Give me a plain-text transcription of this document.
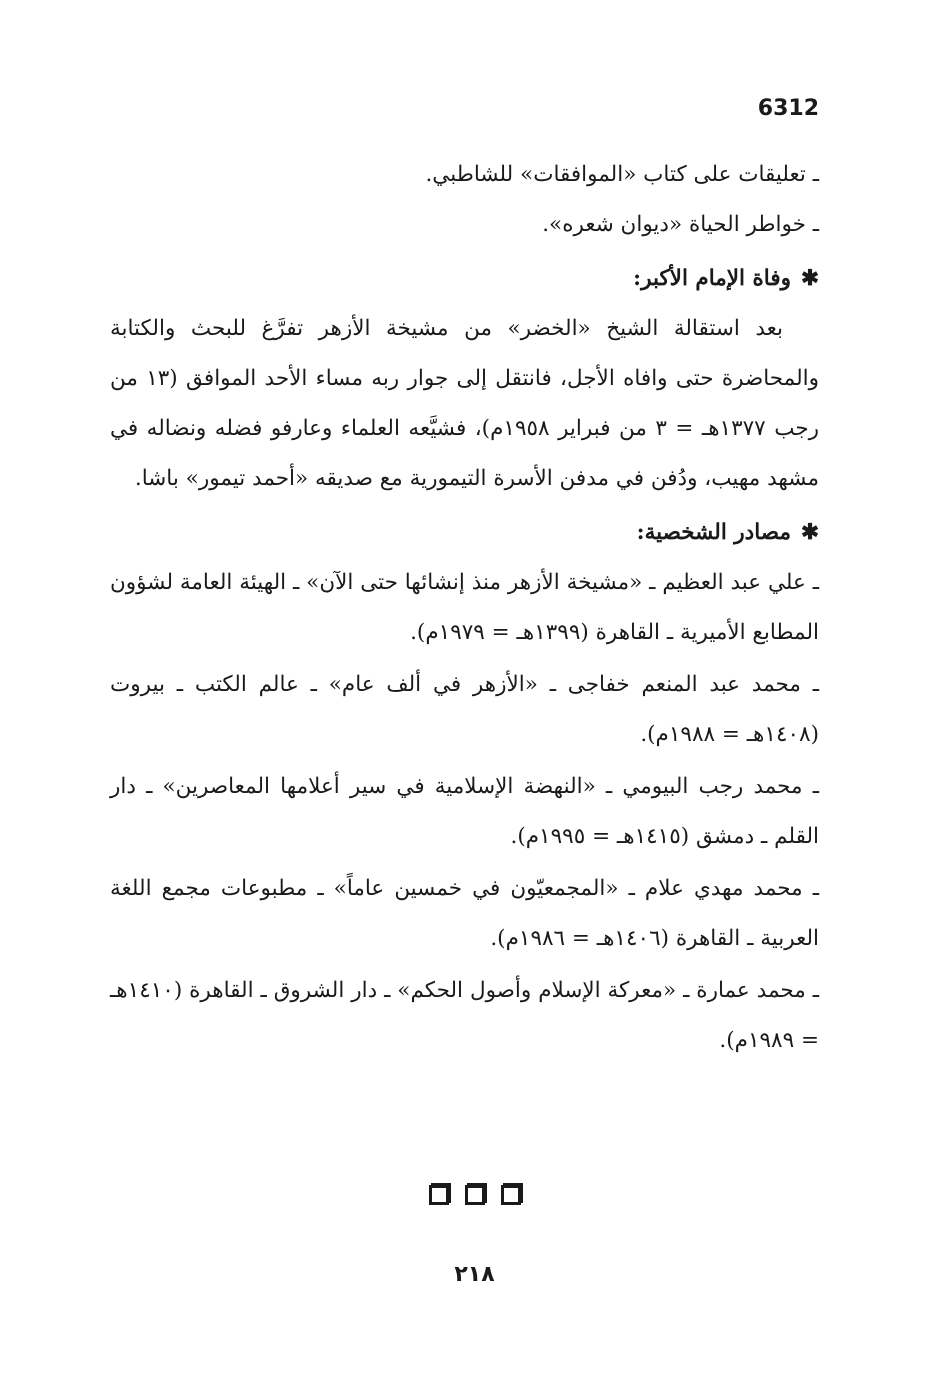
6312

ـ تعليقات على كتاب «الموافقات» للشاطبي.

ـ خواطر الحياة «ديوان شعره».

✱وفاة الإمام الأكبر:

بعد استقالة الشيخ «الخضر» من مشيخة الأزهر تفرَّغ للبحث والكتابة والمحاضرة حتى وافاه الأجل، فانتقل إلى جوار ربه مساء الأحد الموافق (١٣ من رجب ١٣٧٧هـ = ٣ من فبراير ١٩٥٨م)، فشيَّعه العلماء وعارفو فضله ونضاله في مشهد مهيب، ودُفن في مدفن الأسرة التيمورية مع صديقه «أحمد تيمور» باشا.

✱مصادر الشخصية:

ـ علي عبد العظيم ـ «مشيخة الأزهر منذ إنشائها حتى الآن» ـ الهيئة العامة لشؤون المطابع الأميرية ـ القاهرة (١٣٩٩هـ = ١٩٧٩م).

ـ محمد عبد المنعم خفاجى ـ «الأزهر في ألف عام» ـ عالم الكتب ـ بيروت (١٤٠٨هـ = ١٩٨٨م).

ـ محمد رجب البيومي ـ «النهضة الإسلامية في سير أعلامها المعاصرين» ـ دار القلم ـ دمشق (١٤١٥هـ = ١٩٩٥م).

ـ محمد مهدي علام ـ «المجمعيّون في خمسين عاماً» ـ مطبوعات مجمع اللغة العربية ـ القاهرة (١٤٠٦هـ = ١٩٨٦م).

ـ محمد عمارة ـ «معركة الإسلام وأصول الحكم» ـ دار الشروق ـ القاهرة (١٤١٠هـ = ١٩٨٩م).

٢١٨
